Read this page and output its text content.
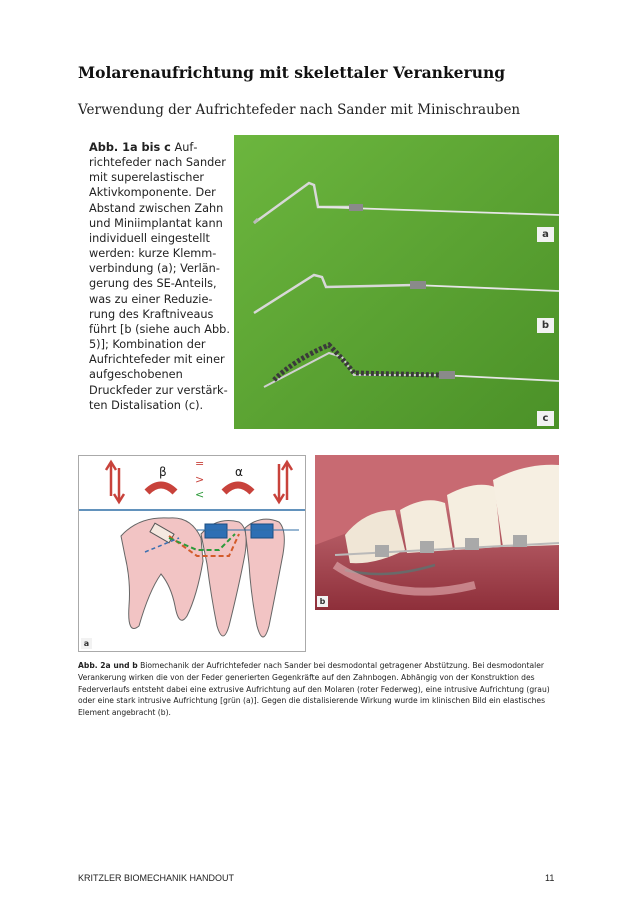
Molarenaufrichtung mit skelettaler Verankerung
Verwendung der Aufrichtefeder nach Sander mit Minischrauben
Abb. 1a bis c Aufrichtefeder nach Sander mit superelastischer Aktivkomponente. Der Abstand zwischen Zahn und Miniimplantat kann individuell eingestellt werden: kurze Klemmverbindung (a); Verlängerung des SE-Anteils, was zu einer Reduzierung des Kraftniveaus führt [b (siehe auch Abb. 5)]; Kombination der Aufrichtefeder mit einer aufgeschobenen Druckfeder zur verstärkten Distalisation (c).
a
b
c
β	α
=
>
<
a
b
Abb. 2a und b Biomechanik der Aufrichtefeder nach Sander bei desmodontal getragener Abstützung. Bei desmodontaler Verankerung wirken die von der Feder generierten Gegenkräfte auf den Zahnbogen. Abhängig von der Konstruktion des Federverlaufs entsteht dabei eine extrusive Aufrichtung auf den Molaren (roter Federweg), eine intrusive Aufrichtung (grau) oder eine stark intrusive Aufrichtung [grün (a)]. Gegen die distalisierende Wirkung wurde im klinischen Bild ein elastisches Element angebracht (b).
KRITZLER BIOMECHANIK HANDOUT	11
